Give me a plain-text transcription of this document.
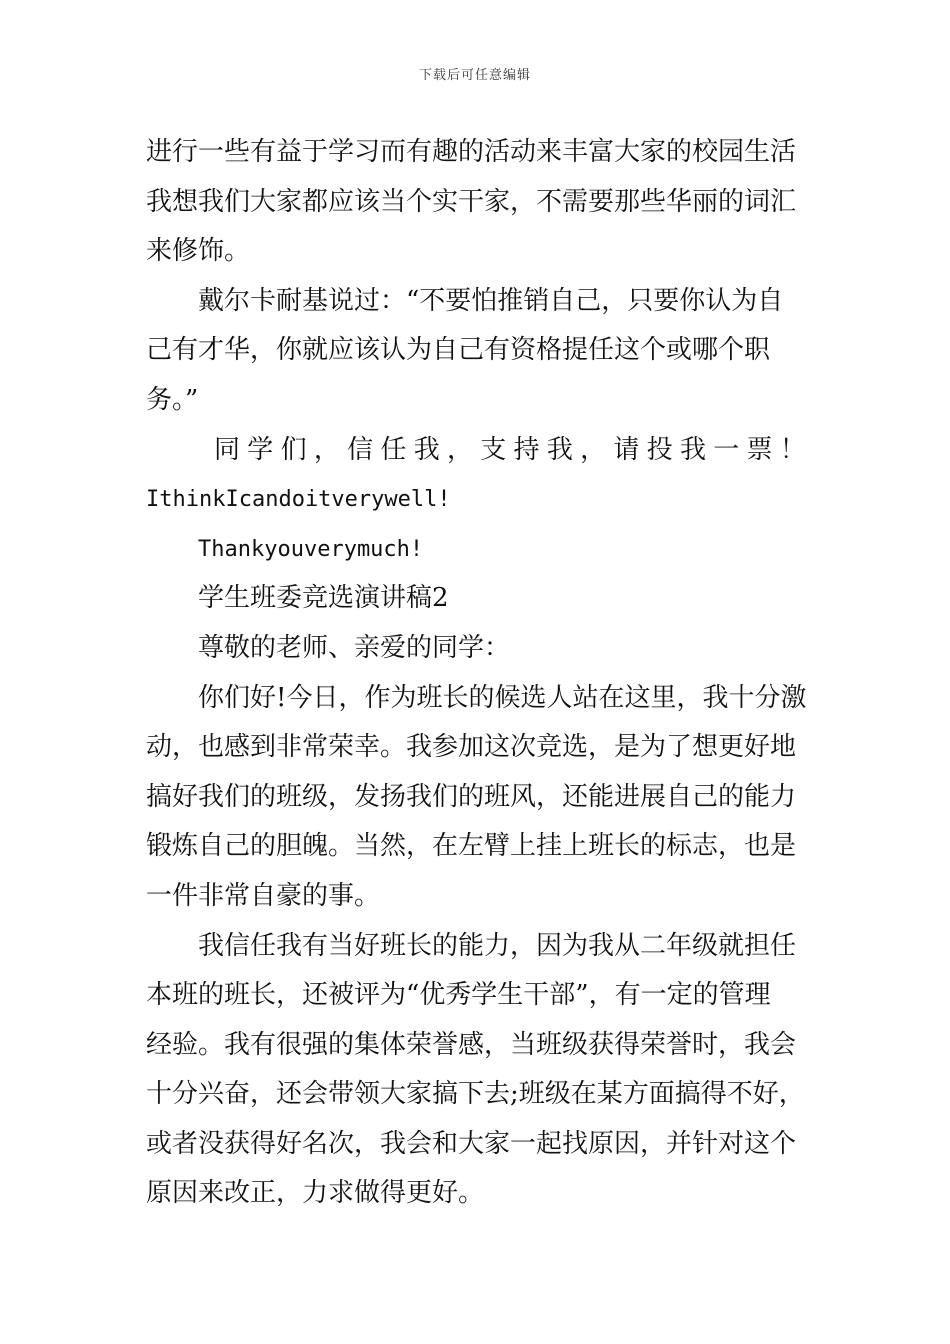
下载后可任意编辑
进行一些有益于学习而有趣的活动来丰富大家的校园生活
我想我们大家都应该当个实干家，不需要那些华丽的词汇
来修饰。
戴尔卡耐基说过：“不要怕推销自己，只要你认为自
己有才华，你就应该认为自己有资格提任这个或哪个职
务。”
同 学 们 ， 信 任 我 ， 支 持 我 ， 请 投 我 一 票 ！
IthinkIcandoitverywell!
Thankyouverymuch!
学生班委竞选演讲稿2
尊敬的老师、亲爱的同学：
你们好!今日，作为班长的候选人站在这里，我十分激
动，也感到非常荣幸。我参加这次竞选，是为了想更好地
搞好我们的班级，发扬我们的班风，还能进展自己的能力
锻炼自己的胆魄。当然，在左臂上挂上班长的标志，也是
一件非常自豪的事。
我信任我有当好班长的能力，因为我从二年级就担任
本班的班长，还被评为“优秀学生干部”，有一定的管理
经验。我有很强的集体荣誉感，当班级获得荣誉时，我会
十分兴奋，还会带领大家搞下去;班级在某方面搞得不好，
或者没获得好名次，我会和大家一起找原因，并针对这个
原因来改正，力求做得更好。
